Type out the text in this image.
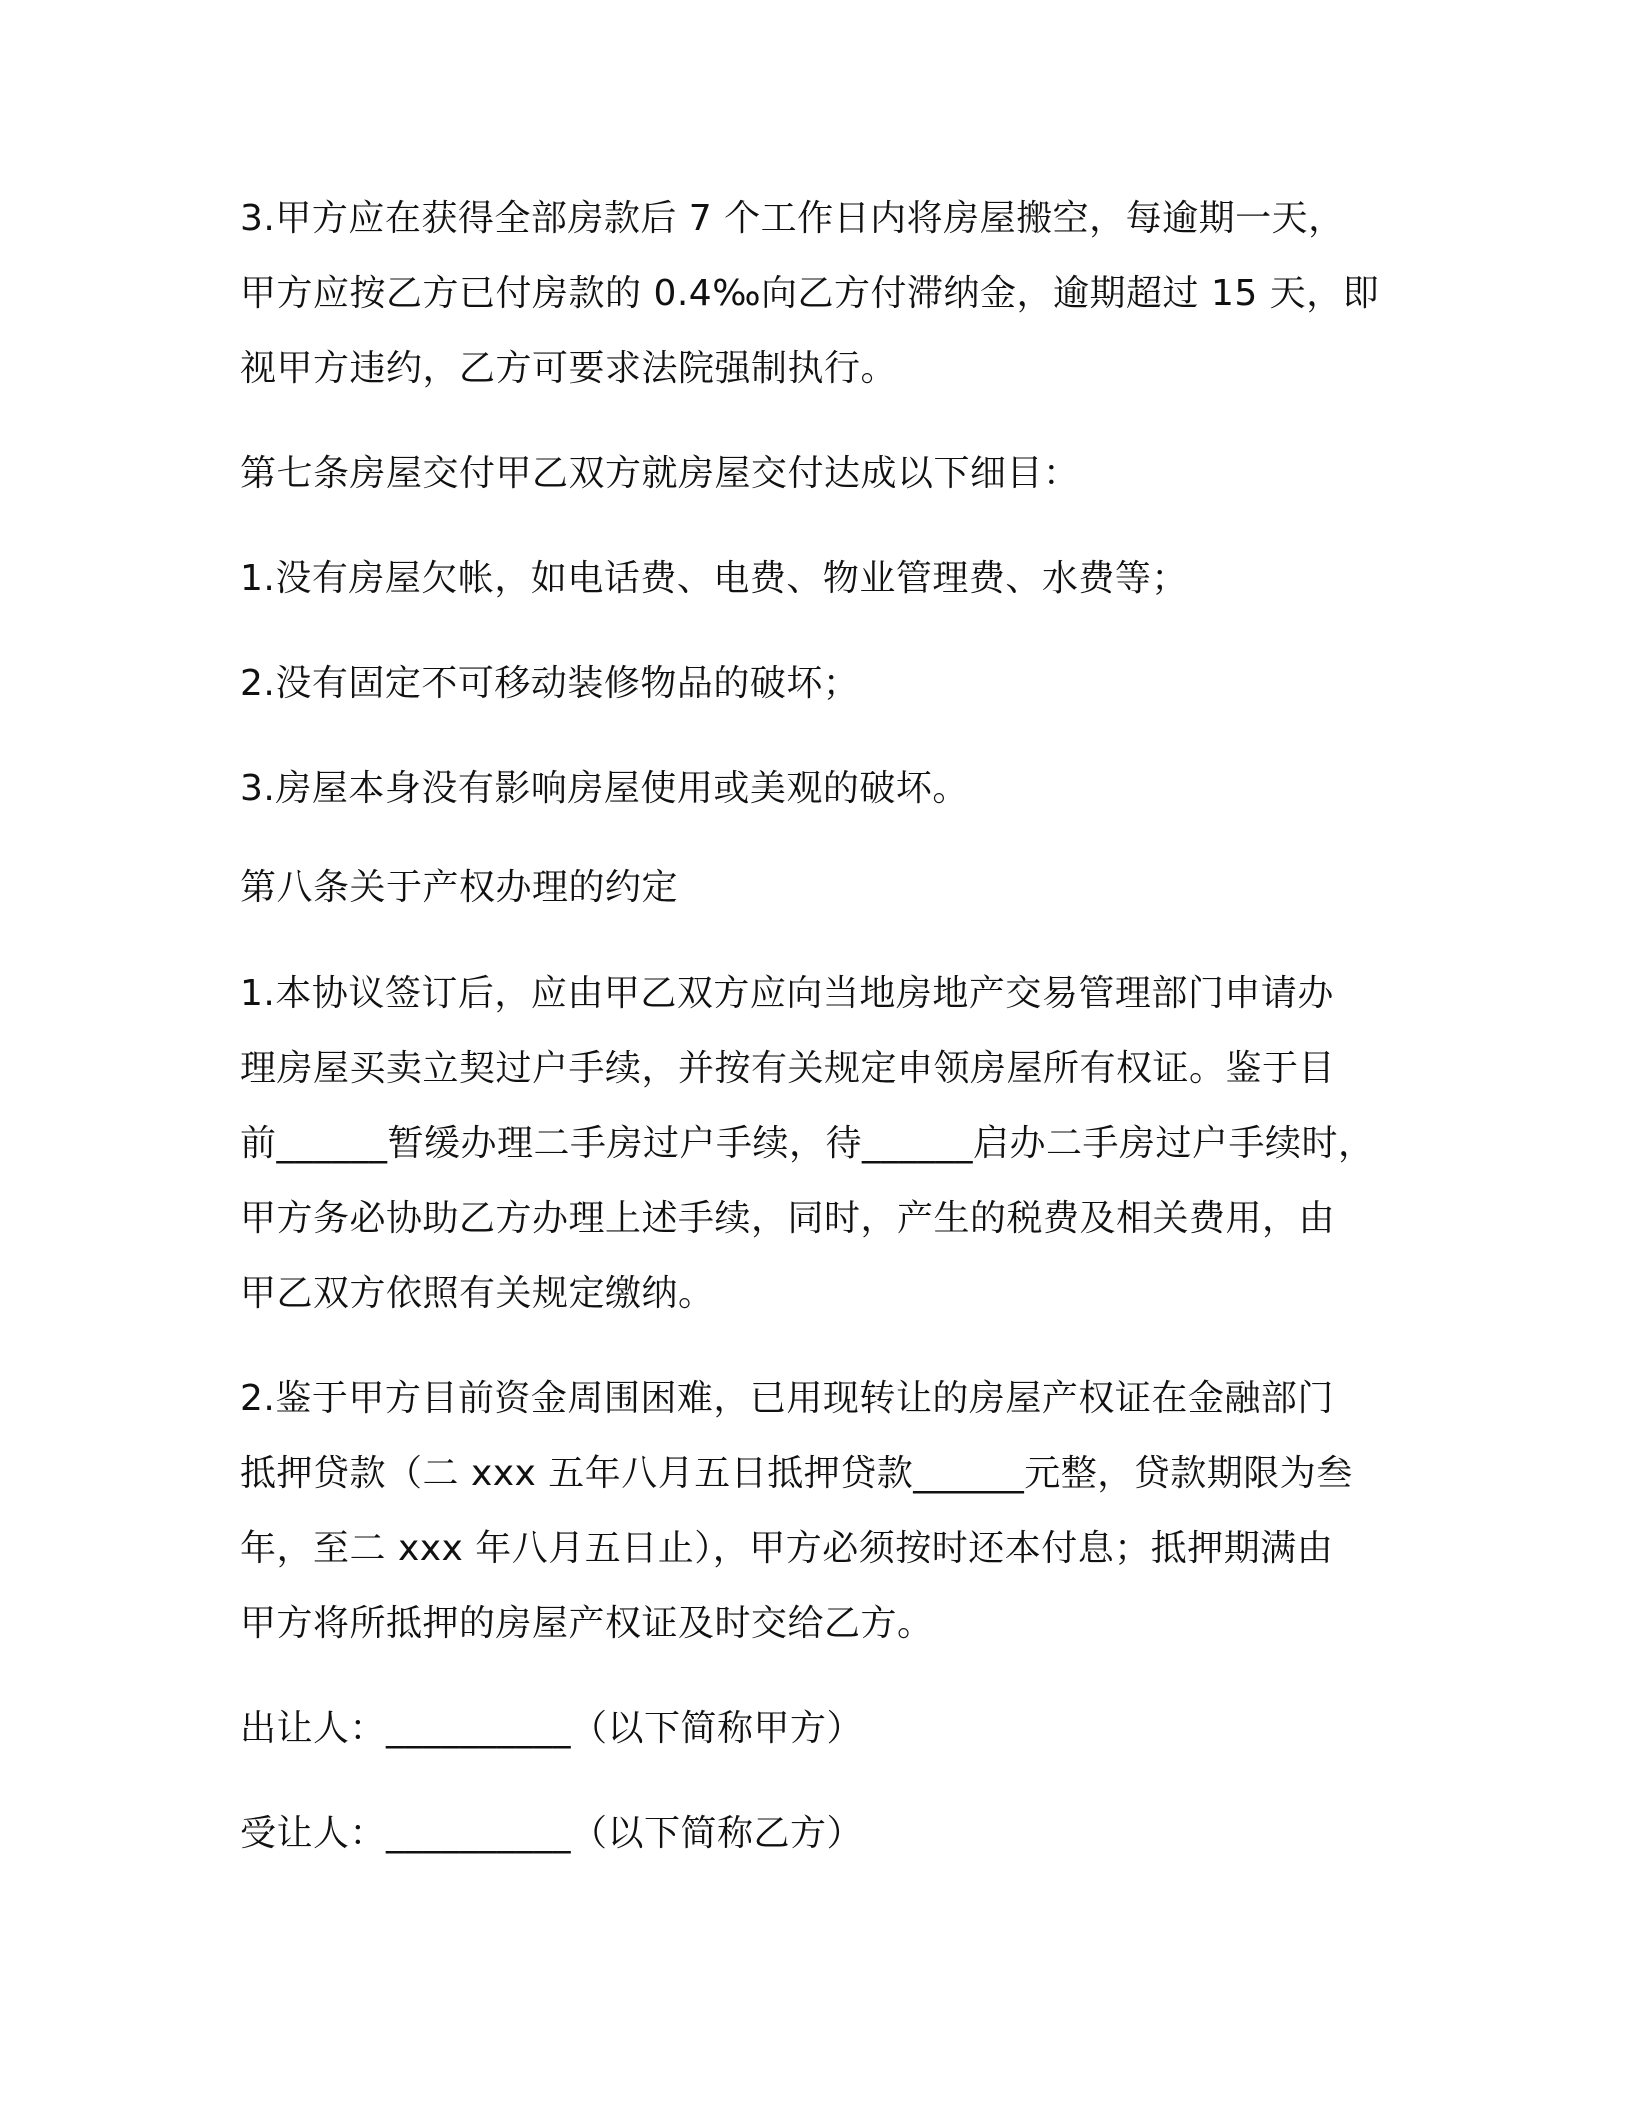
3.甲方应在获得全部房款后 7 个工作日内将房屋搬空，每逾期一天，
甲方应按乙方已付房款的 0.4‰向乙方付滞纳金，逾期超过 15 天，即
视甲方违约，乙方可要求法院强制执行。
第七条房屋交付甲乙双方就房屋交付达成以下细目：
1.没有房屋欠帐，如电话费、电费、物业管理费、水费等；
2.没有固定不可移动装修物品的破坏；
3.房屋本身没有影响房屋使用或美观的破坏。
第八条关于产权办理的约定
1.本协议签订后，应由甲乙双方应向当地房地产交易管理部门申请办
理房屋买卖立契过户手续，并按有关规定申领房屋所有权证。鉴于目
前______暂缓办理二手房过户手续，待______启办二手房过户手续时，
甲方务必协助乙方办理上述手续，同时，产生的税费及相关费用，由
甲乙双方依照有关规定缴纳。
2.鉴于甲方目前资金周围困难，已用现转让的房屋产权证在金融部门
抵押贷款（二 xxx 五年八月五日抵押贷款______元整，贷款期限为叁
年，至二 xxx 年八月五日止），甲方必须按时还本付息；抵押期满由
甲方将所抵押的房屋产权证及时交给乙方。
出让人：__________（以下简称甲方）
受让人：__________（以下简称乙方）
